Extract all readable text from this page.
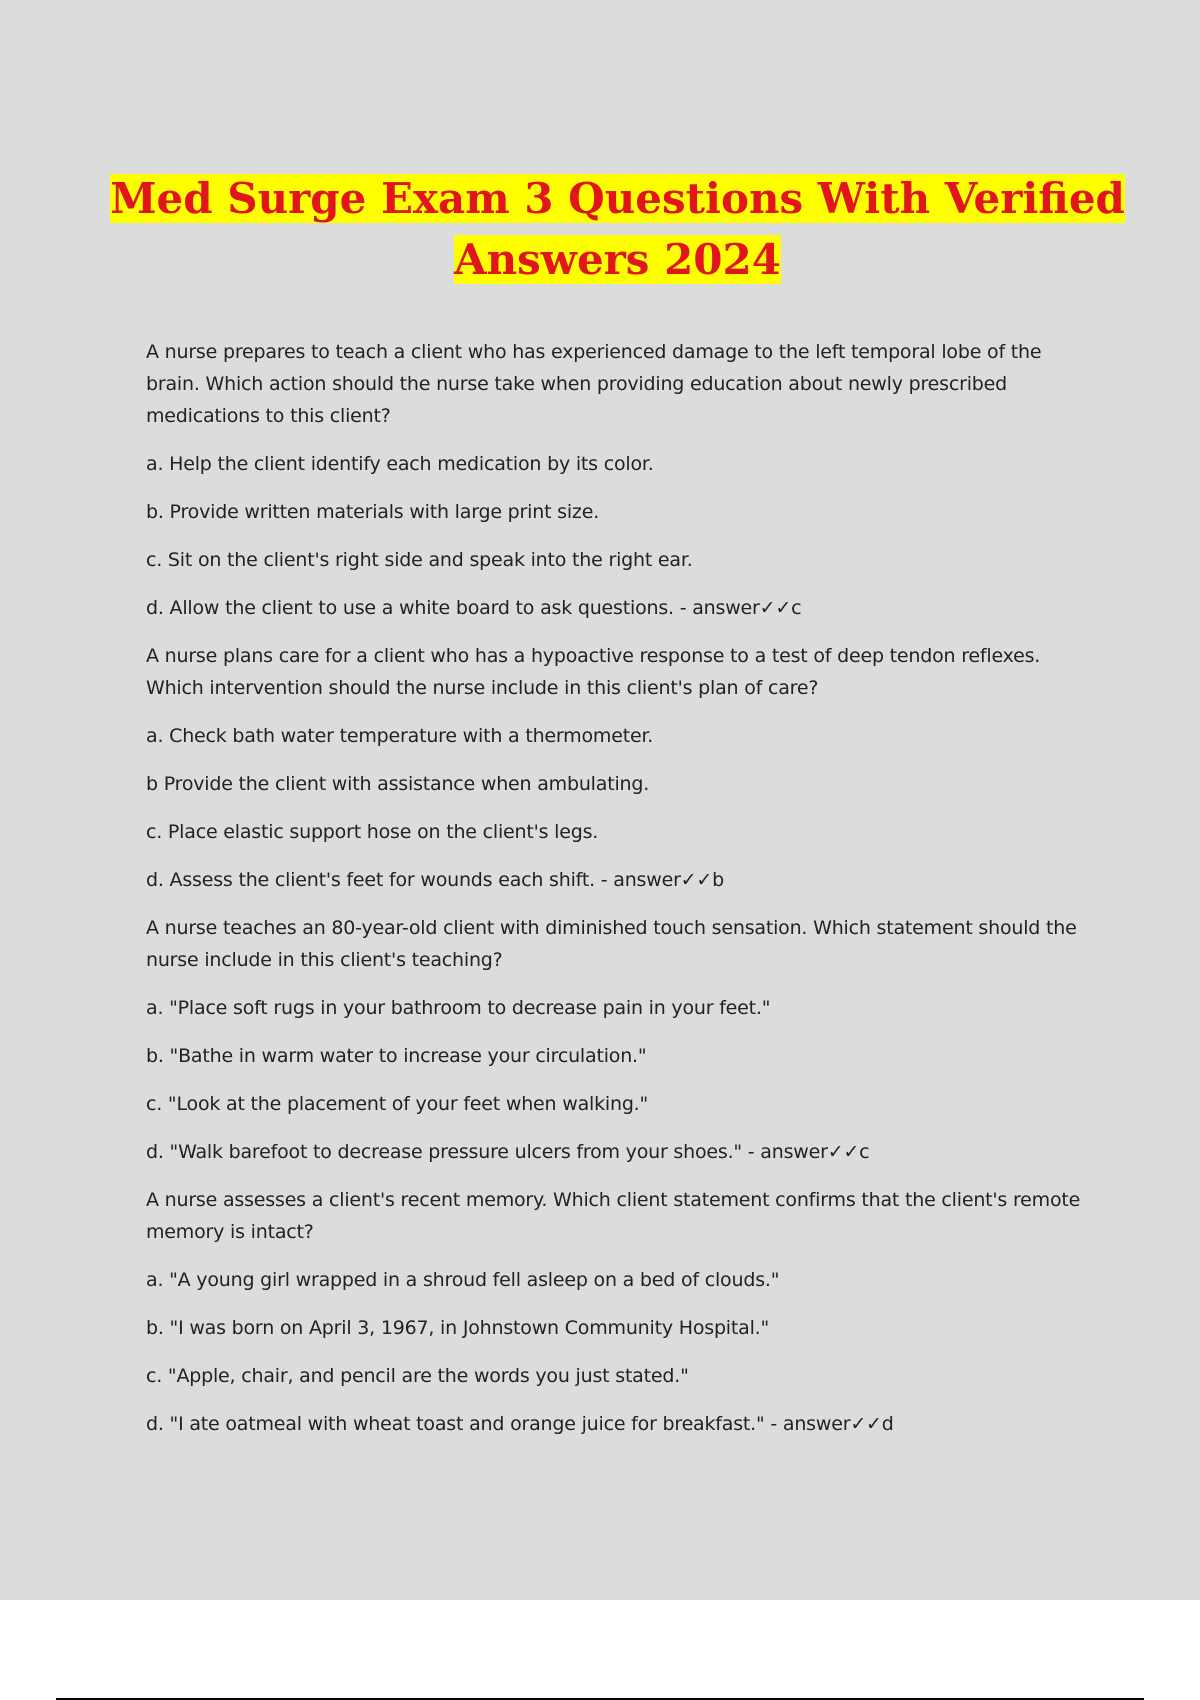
Med Surge Exam 3 Questions With Verified
Answers 2024

A nurse prepares to teach a client who has experienced damage to the left temporal lobe of the brain. Which action should the nurse take when providing education about newly prescribed medications to this client?

a. Help the client identify each medication by its color.

b. Provide written materials with large print size.

c. Sit on the client's right side and speak into the right ear.

d. Allow the client to use a white board to ask questions. - answer✓✓c

A nurse plans care for a client who has a hypoactive response to a test of deep tendon reflexes. Which intervention should the nurse include in this client's plan of care?

a. Check bath water temperature with a thermometer.

b Provide the client with assistance when ambulating.

c. Place elastic support hose on the client's legs.

d. Assess the client's feet for wounds each shift. - answer✓✓b

A nurse teaches an 80-year-old client with diminished touch sensation. Which statement should the nurse include in this client's teaching?

a. "Place soft rugs in your bathroom to decrease pain in your feet."

b. "Bathe in warm water to increase your circulation."

c. "Look at the placement of your feet when walking."

d. "Walk barefoot to decrease pressure ulcers from your shoes." - answer✓✓c

A nurse assesses a client's recent memory. Which client statement confirms that the client's remote memory is intact?

a. "A young girl wrapped in a shroud fell asleep on a bed of clouds."

b. "I was born on April 3, 1967, in Johnstown Community Hospital."

c. "Apple, chair, and pencil are the words you just stated."

d. "I ate oatmeal with wheat toast and orange juice for breakfast." - answer✓✓d
